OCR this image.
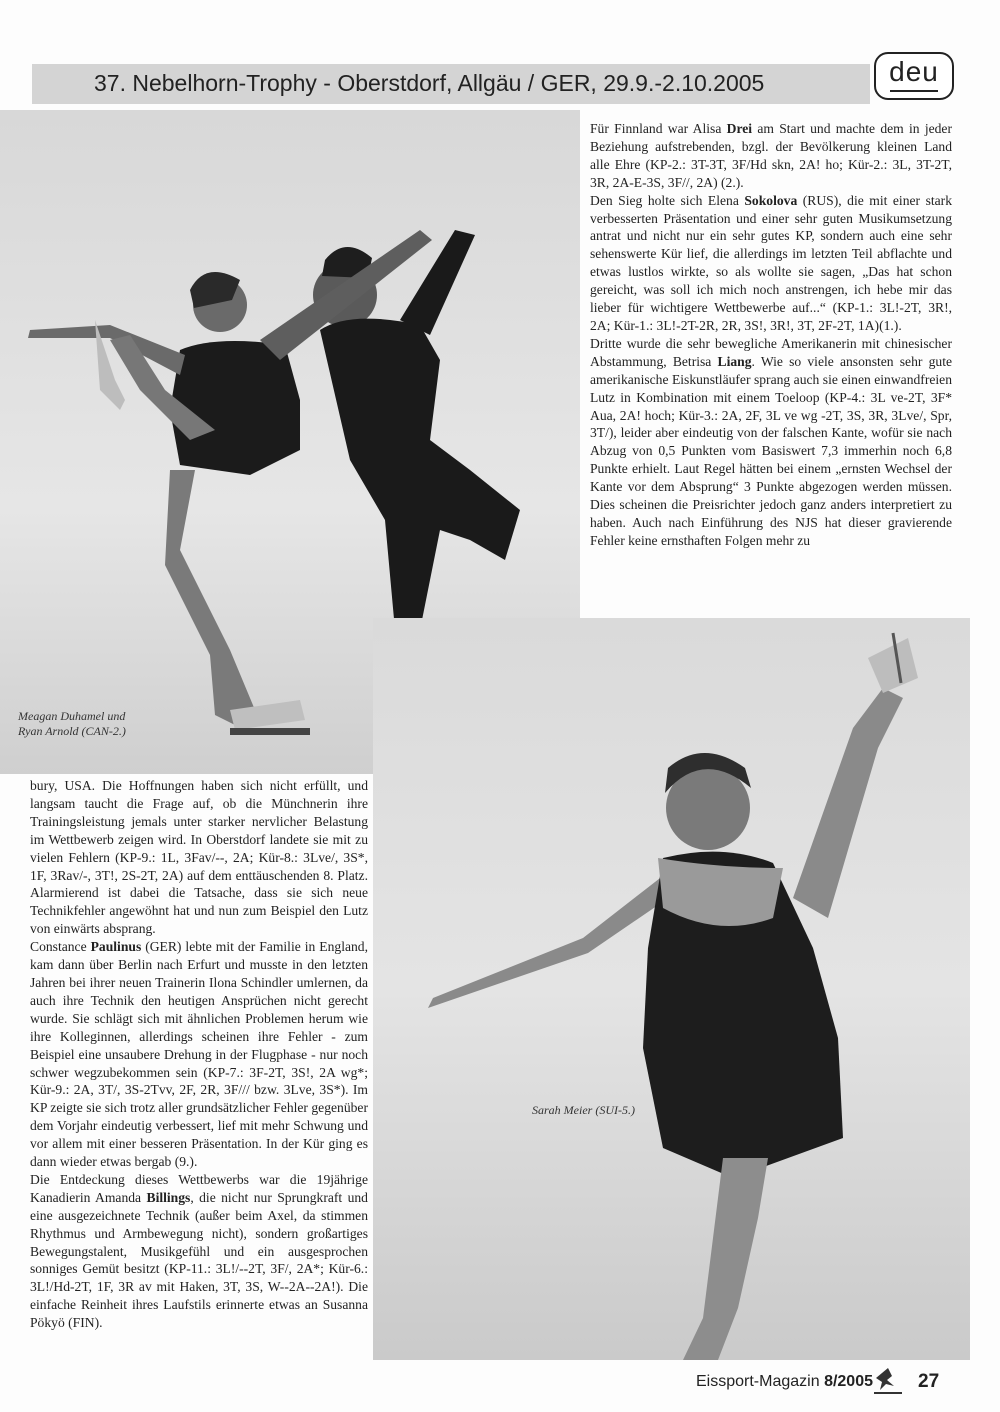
37. Nebelhorn-Trophy - Oberstdorf, Allgäu / GER, 29.9.-2.10.2005	deu
Meagan Duhamel und
Ryan Arnold (CAN-2.)
Sarah Meier (SUI-5.)

Für Finnland war Alisa Drei am Start und machte dem in jeder Beziehung aufstrebenden, bzgl. der Bevölkerung kleinen Land alle Ehre (KP-2.: 3T-3T, 3F/Hd skn, 2A! ho; Kür-2.: 3L, 3T-2T, 3R, 2A-E-3S, 3F//, 2A) (2.).

Den Sieg holte sich Elena Sokolova (RUS), die mit einer stark verbesserten Präsentation und einer sehr guten Musikumsetzung antrat und nicht nur ein sehr gutes KP, sondern auch eine sehr sehenswerte Kür lief, die allerdings im letzten Teil abflachte und etwas lustlos wirkte, so als wollte sie sagen, „Das hat schon gereicht, was soll ich mich noch anstrengen, ich hebe mir das lieber für wichtigere Wettbewerbe auf...“ (KP-1.: 3L!-2T, 3R!, 2A; Kür-1.: 3L!-2T-2R, 2R, 3S!, 3R!, 3T, 2F-2T, 1A)(1.).

Dritte wurde die sehr bewegliche Amerikanerin mit chinesischer Abstammung, Betrisa Liang. Wie so viele ansonsten sehr gute amerikanische Eiskunstläufer sprang auch sie einen einwandfreien Lutz in Kombination mit einem Toeloop (KP-4.: 3L ve-2T, 3F* Aua, 2A! hoch; Kür-3.: 2A, 2F, 3L ve wg -2T, 3S, 3R, 3Lve/, Spr, 3T/), leider aber eindeutig von der falschen Kante, wofür sie nach Abzug von 0,5 Punkten vom Basiswert 7,3 immerhin noch 6,8 Punkte erhielt. Laut Regel hätten bei einem „ernsten Wechsel der Kante vor dem Absprung“ 3 Punkte abgezogen werden müssen. Dies scheinen die Preisrichter jedoch ganz anders interpretiert zu haben. Auch nach Einführung des NJS hat dieser gravierende Fehler keine ernsthaften Folgen mehr zu

bury, USA. Die Hoffnungen haben sich nicht erfüllt, und langsam taucht die Frage auf, ob die Münchnerin ihre Trainingsleistung jemals unter starker nervlicher Belastung im Wettbewerb zeigen wird. In Oberstdorf landete sie mit zu vielen Fehlern (KP-9.: 1L, 3Fav/--, 2A; Kür-8.: 3Lve/, 3S*, 1F, 3Rav/-, 3T!, 2S-2T, 2A) auf dem enttäuschenden 8. Platz. Alarmierend ist dabei die Tatsache, dass sie sich neue Technikfehler angewöhnt hat und nun zum Beispiel den Lutz von einwärts absprang.

Constance Paulinus (GER) lebte mit der Familie in England, kam dann über Berlin nach Erfurt und musste in den letzten Jahren bei ihrer neuen Trainerin Ilona Schindler umlernen, da auch ihre Technik den heutigen Ansprüchen nicht gerecht wurde. Sie schlägt sich mit ähnlichen Problemen herum wie ihre Kolleginnen, allerdings scheinen ihre Fehler - zum Beispiel eine unsaubere Drehung in der Flugphase - nur noch schwer wegzubekommen sein (KP-7.: 3F-2T, 3S!, 2A wg*; Kür-9.: 2A, 3T/, 3S-2Tvv, 2F, 2R, 3F/// bzw. 3Lve, 3S*). Im KP zeigte sie sich trotz aller grundsätzlicher Fehler gegenüber dem Vorjahr eindeutig verbessert, lief mit mehr Schwung und vor allem mit einer besseren Präsentation. In der Kür ging es dann wieder etwas bergab (9.).

Die Entdeckung dieses Wettbewerbs war die 19jährige Kanadierin Amanda Billings, die nicht nur Sprungkraft und eine ausgezeichnete Technik (außer beim Axel, da stimmen Rhythmus und Armbewegung nicht), sondern großartiges Bewegungstalent, Musikgefühl und ein ausgesprochen sonniges Gemüt besitzt (KP-11.: 3L!/--2T, 3F/, 2A*; Kür-6.: 3L!/Hd-2T, 1F, 3R av mit Haken, 3T, 3S, W--2A--2A!). Die einfache Reinheit ihres Laufstils erinnerte etwas an Susanna Pökyö (FIN).

Eissport-Magazin 8/2005 27
